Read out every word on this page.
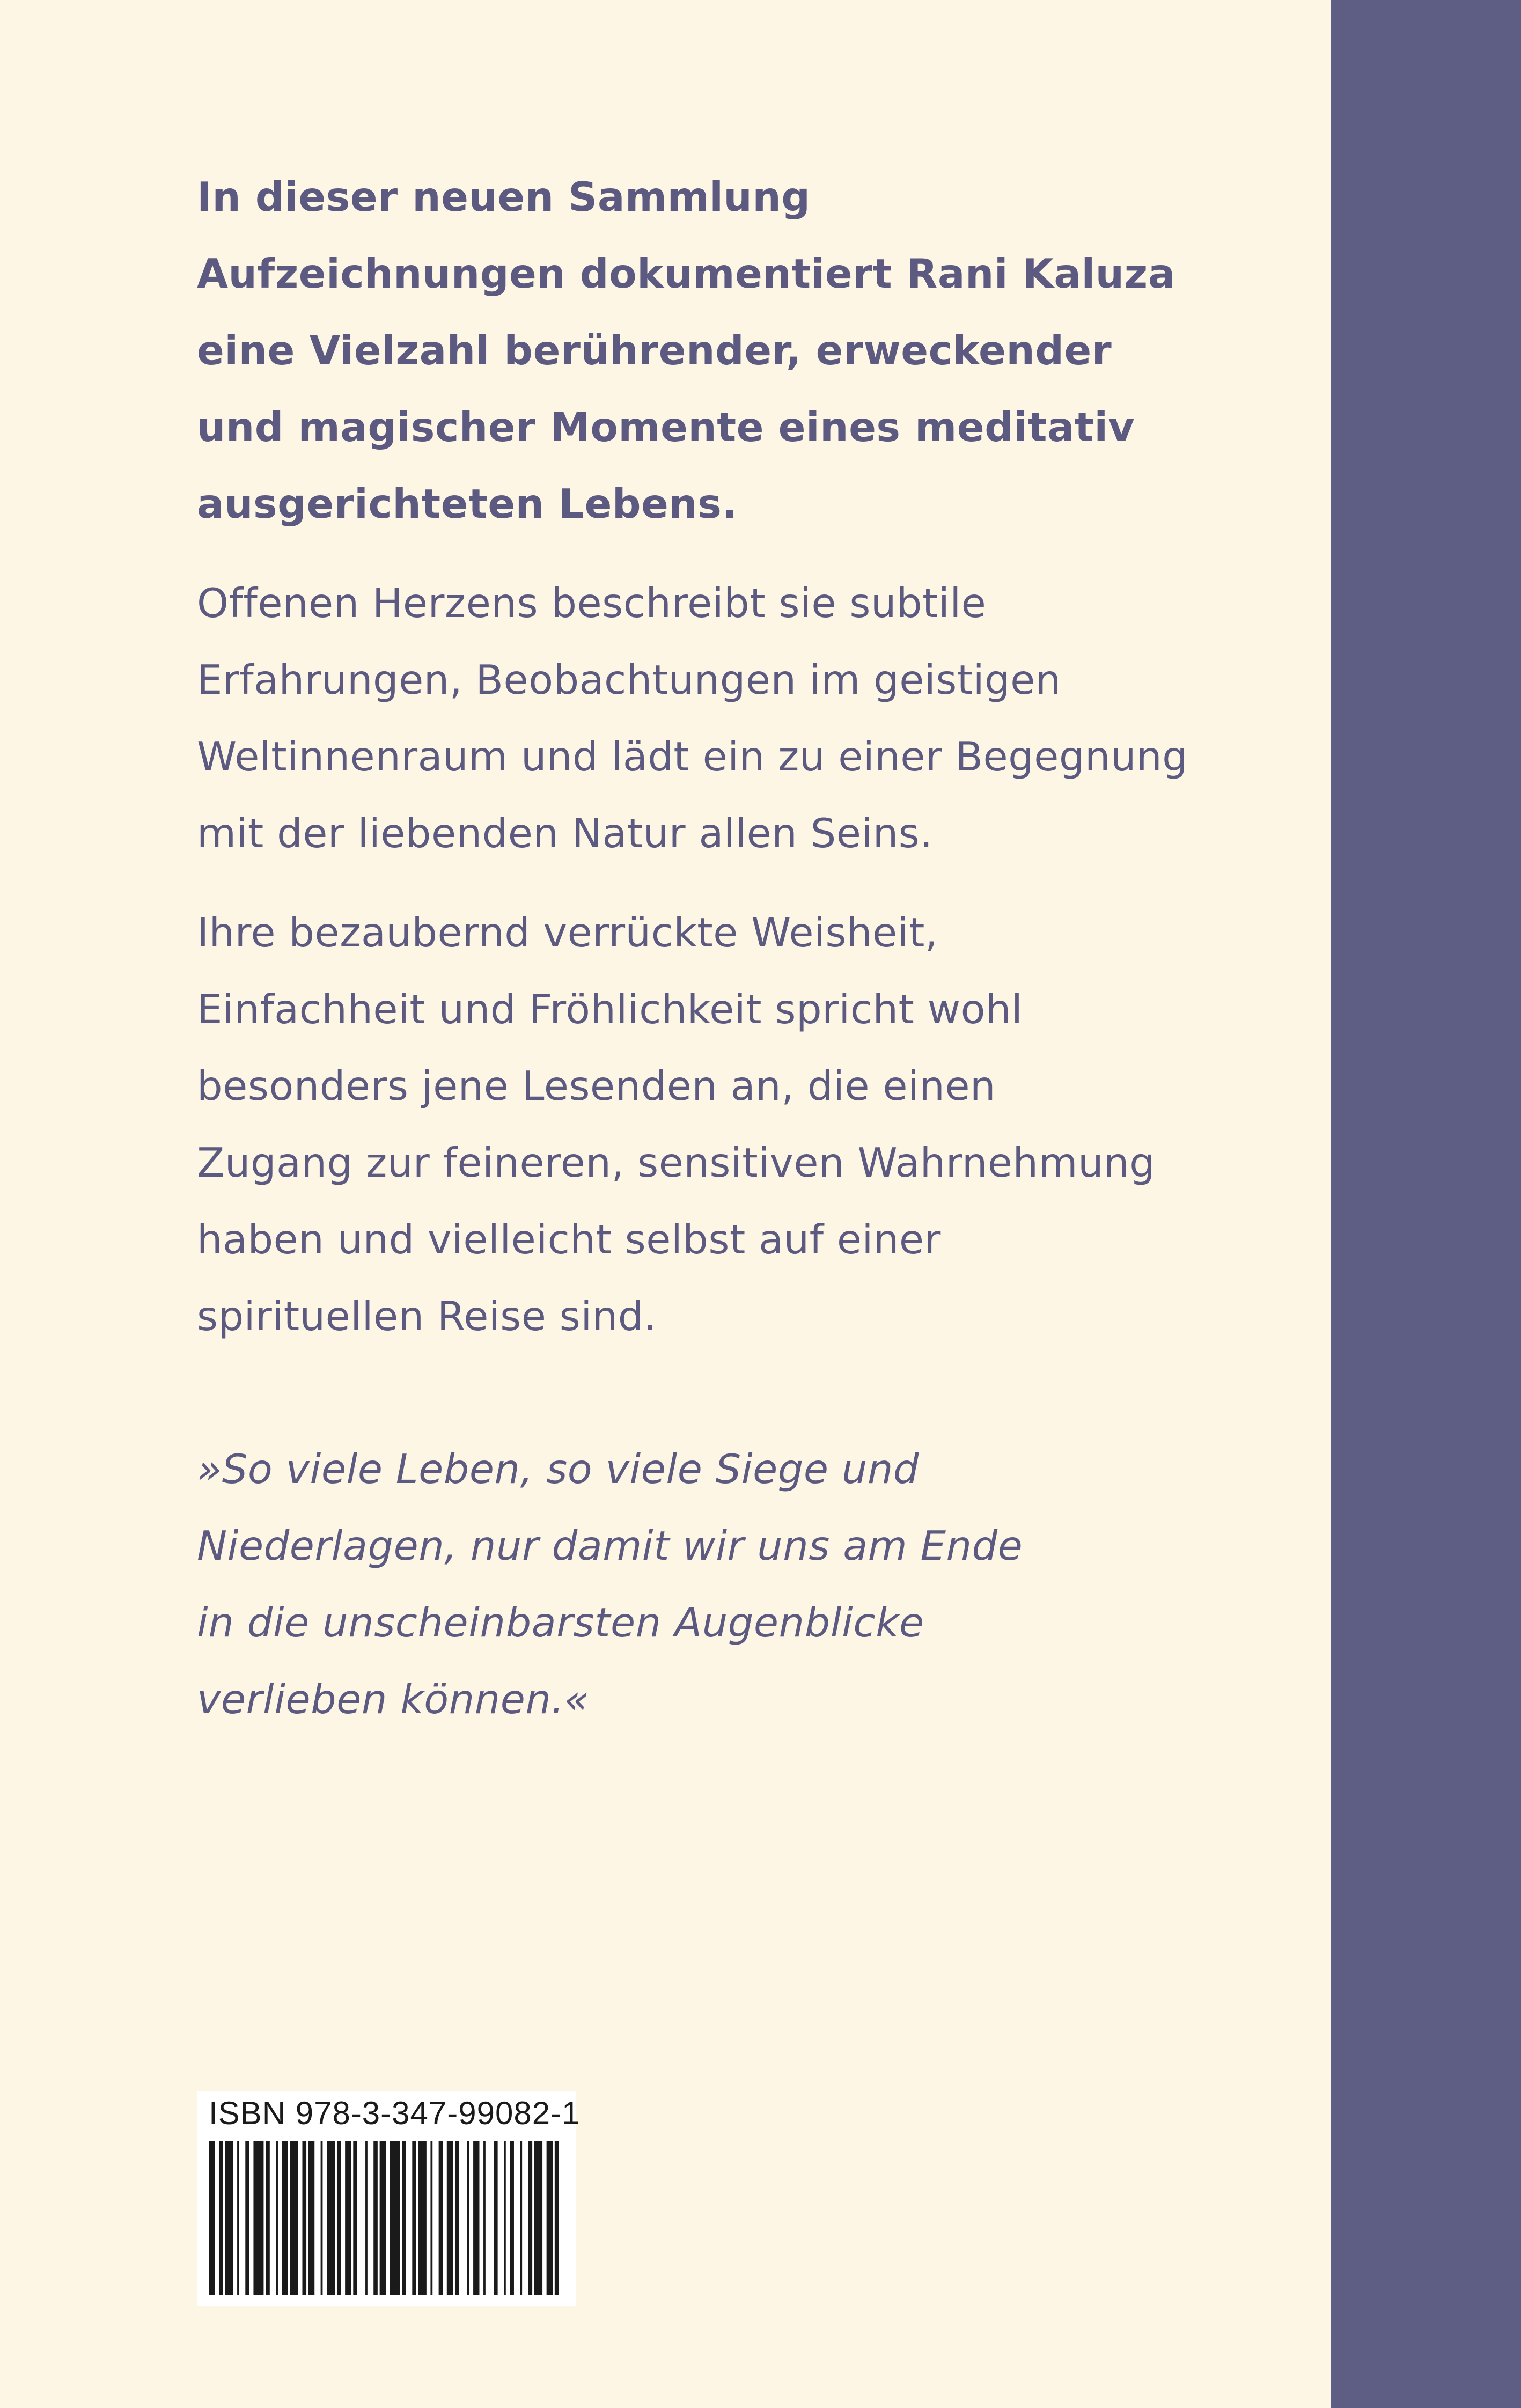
In dieser neuen Sammlung
Aufzeichnungen dokumentiert Rani Kaluza
eine Vielzahl berührender, erweckender
und magischer Momente eines meditativ
ausgerichteten Lebens.

Offenen Herzens beschreibt sie subtile
Erfahrungen, Beobachtungen im geistigen
Weltinnenraum und lädt ein zu einer Begegnung
mit der liebenden Natur allen Seins.

Ihre bezaubernd verrückte Weisheit,
Einfachheit und Fröhlichkeit spricht wohl
besonders jene Lesenden an, die einen
Zugang zur feineren, sensitiven Wahrnehmung
haben und vielleicht selbst auf einer
spirituellen Reise sind.

»So viele Leben, so viele Siege und
Niederlagen, nur damit wir uns am Ende
in die unscheinbarsten Augenblicke
verlieben können.«

ISBN 978-3-347-99082-1
